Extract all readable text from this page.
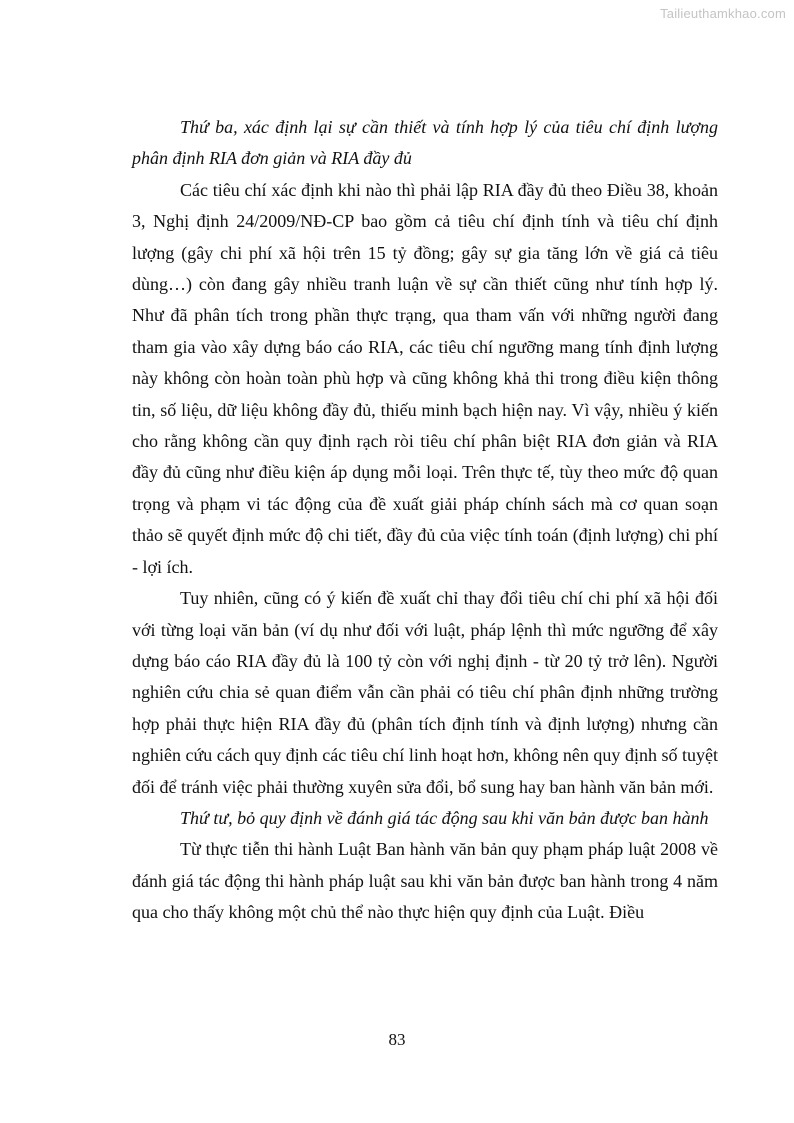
Tailieuthamkhao.com

Thứ ba, xác định lại sự cần thiết và tính hợp lý của tiêu chí định lượng phân định RIA đơn giản và RIA đầy đủ

Các tiêu chí xác định khi nào thì phải lập RIA đầy đủ theo Điều 38, khoản 3, Nghị định 24/2009/NĐ-CP bao gồm cả tiêu chí định tính và tiêu chí định lượng (gây chi phí xã hội trên 15 tỷ đồng; gây sự gia tăng lớn về giá cả tiêu dùng…) còn đang gây nhiều tranh luận về sự cần thiết cũng như tính hợp lý. Như đã phân tích trong phần thực trạng, qua tham vấn với những người đang tham gia vào xây dựng báo cáo RIA, các tiêu chí ngưỡng mang tính định lượng này không còn hoàn toàn phù hợp và cũng không khả thi trong điều kiện thông tin, số liệu, dữ liệu không đầy đủ, thiếu minh bạch hiện nay. Vì vậy, nhiều ý kiến cho rằng không cần quy định rạch ròi tiêu chí phân biệt RIA đơn giản và RIA đầy đủ cũng như điều kiện áp dụng mỗi loại. Trên thực tế, tùy theo mức độ quan trọng và phạm vi tác động của đề xuất giải pháp chính sách mà cơ quan soạn thảo sẽ quyết định mức độ chi tiết, đầy đủ của việc tính toán (định lượng) chi phí - lợi ích.

Tuy nhiên, cũng có ý kiến đề xuất chỉ thay đổi tiêu chí chi phí xã hội đối với từng loại văn bản (ví dụ như đối với luật, pháp lệnh thì mức ngưỡng để xây dựng báo cáo RIA đầy đủ là 100 tỷ còn với nghị định - từ 20 tỷ trở lên). Người nghiên cứu chia sẻ quan điểm vẫn cần phải có tiêu chí phân định những trường hợp phải thực hiện RIA đầy đủ (phân tích định tính và định lượng) nhưng cần nghiên cứu cách quy định các tiêu chí linh hoạt hơn, không nên quy định số tuyệt đối để tránh việc phải thường xuyên sửa đổi, bổ sung hay ban hành văn bản mới.

Thứ tư, bỏ quy định về đánh giá tác động sau khi văn bản được ban hành

Từ thực tiễn thi hành Luật Ban hành văn bản quy phạm pháp luật 2008 về đánh giá tác động thi hành pháp luật sau khi văn bản được ban hành trong 4 năm qua cho thấy không một chủ thể nào thực hiện quy định của Luật. Điều

83
